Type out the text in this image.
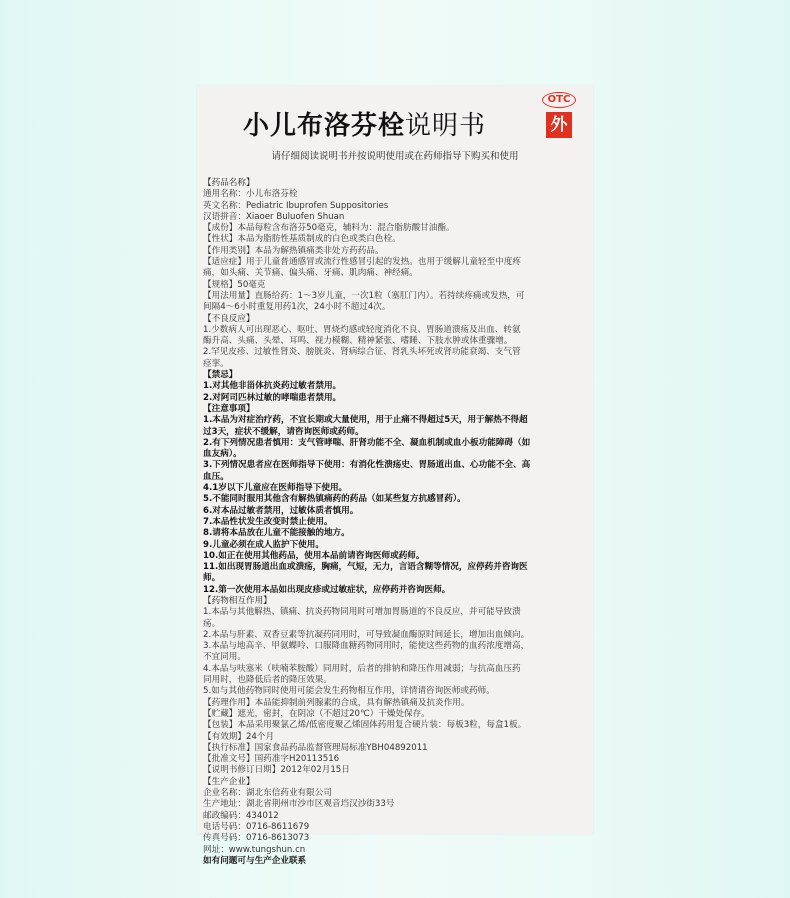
小儿布洛芬栓说明书
OTC
外
请仔细阅读说明书并按说明使用或在药师指导下购买和使用
【药品名称】
通用名称：小儿布洛芬栓
英文名称：Pediatric Ibuprofen Suppositories
汉语拼音：Xiaoer Buluofen Shuan
【成份】本品每粒含布洛芬50毫克，辅料为：混合脂肪酸甘油酯。
【性状】本品为脂肪性基质制成的白色或类白色栓。
【作用类别】本品为解热镇痛类非处方药药品。
【适应症】用于儿童普通感冒或流行性感冒引起的发热。也用于缓解儿童轻至中度疼
痛，如头痛、关节痛、偏头痛、牙痛、肌肉痛、神经痛。
【规格】50毫克
【用法用量】直肠给药：1～3岁儿童，一次1粒（塞肛门内）。若持续疼痛或发热，可
间隔4～6小时重复用药1次，24小时不超过4次。
【不良反应】
1.少数病人可出现恶心、呕吐、胃烧灼感或轻度消化不良、胃肠道溃疡及出血、转氨
酶升高、头痛、头晕、耳鸣、视力模糊、精神紧张、嗜睡、下肢水肿或体重骤增。
2.罕见皮疹、过敏性肾炎、膀胱炎、肾病综合征、肾乳头坏死或肾功能衰竭、支气管
痉挛。
【禁忌】
1.对其他非甾体抗炎药过敏者禁用。
2.对阿司匹林过敏的哮喘患者禁用。
【注意事项】
1.本品为对症治疗药，不宜长期或大量使用，用于止痛不得超过5天，用于解热不得超
过3天，症状不缓解，请咨询医师或药师。
2.有下列情况患者慎用：支气管哮喘、肝肾功能不全、凝血机制或血小板功能障碍（如
血友病）。
3.下列情况患者应在医师指导下使用：有消化性溃疡史、胃肠道出血、心功能不全、高
血压。
4.1岁以下儿童应在医师指导下使用。
5.不能同时服用其他含有解热镇痛药的药品（如某些复方抗感冒药）。
6.对本品过敏者禁用，过敏体质者慎用。
7.本品性状发生改变时禁止使用。
8.请将本品放在儿童不能接触的地方。
9.儿童必须在成人监护下使用。
10.如正在使用其他药品，使用本品前请咨询医师或药师。
11.如出现胃肠道出血或溃疡，胸痛，气短，无力，言语含糊等情况，应停药并咨询医
师。
12.第一次使用本品如出现皮疹或过敏症状，应停药并咨询医师。
【药物相互作用】
1.本品与其他解热、镇痛、抗炎药物同用时可增加胃肠道的不良反应，并可能导致溃
疡。
2.本品与肝素、双香豆素等抗凝药同用时，可导致凝血酶原时间延长，增加出血倾向。
3.本品与地高辛、甲氨蝶呤、口服降血糖药物同用时，能使这些药物的血药浓度增高，
不宜同用。
4.本品与呋塞米（呋喃苯胺酸）同用时，后者的排钠和降压作用减弱；与抗高血压药
同用时，也降低后者的降压效果。
5.如与其他药物同时使用可能会发生药物相互作用，详情请咨询医师或药师。
【药理作用】本品能抑制前列腺素的合成，具有解热镇痛及抗炎作用。
【贮藏】遮光，密封，在阴凉（不超过20℃）干燥处保存。
【包装】本品采用聚氯乙烯/低密度聚乙烯固体药用复合硬片装：每板3粒，每盒1板。
【有效期】24个月
【执行标准】国家食品药品监督管理局标准YBH04892011
【批准文号】国药准字H20113516
【说明书修订日期】2012年02月15日
【生产企业】
企业名称：湖北东信药业有限公司
生产地址：湖北省荆州市沙市区观音垱汉沙街33号
邮政编码：434012
电话号码：0716-8611679
传真号码：0716-8613073
网址：www.tungshun.cn
如有问题可与生产企业联系
